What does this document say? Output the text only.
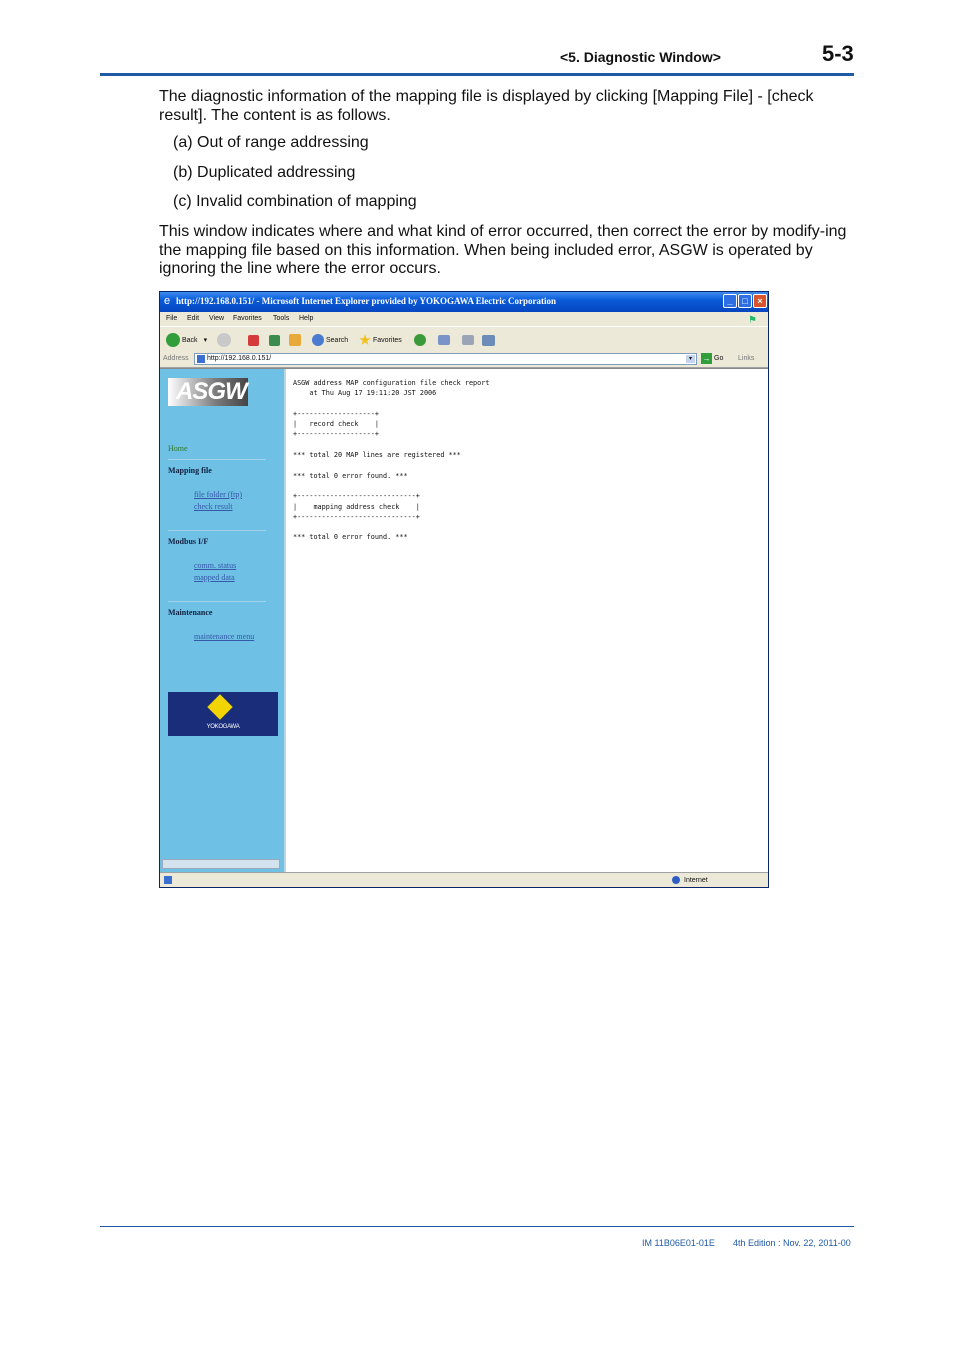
<5. Diagnostic Window>	5-3
The diagnostic information of the mapping file is displayed by clicking [Mapping File] - [check result]. The content is as follows.
(a) Out of range addressing
(b) Duplicated addressing
(c) Invalid combination of mapping
This window indicates where and what kind of error occurred, then correct the error by modify-ing the mapping file based on this information. When being included error, ASGW is operated by ignoring the line where the error occurs.
e http://192.168.0.151/ - Microsoft Internet Explorer provided by YOKOGAWA Electric Corporation	_	□	×
File Edit View Favorites Tools Help	⚑
Back ▾	Search	Favorites
Address	http://192.168.0.151/	▾	→ Go Links
ASGW
Home
Mapping file
file folder (ftp)
check result
Modbus I/F
comm. status
mapped data
Maintenance
maintenance menu
YOKOGAWA
ASGW address MAP configuration file check report
at Thu Aug 17 19:11:20 JST 2006

+-------------------+
|   record check    |
+-------------------+

*** total 20 MAP lines are registered ***

*** total 0 error found. ***

+-----------------------------+
|    mapping address check    |
+-----------------------------+

*** total 0 error found. ***
Internet
IM 11B06E01-01E 4th Edition : Nov. 22, 2011-00
